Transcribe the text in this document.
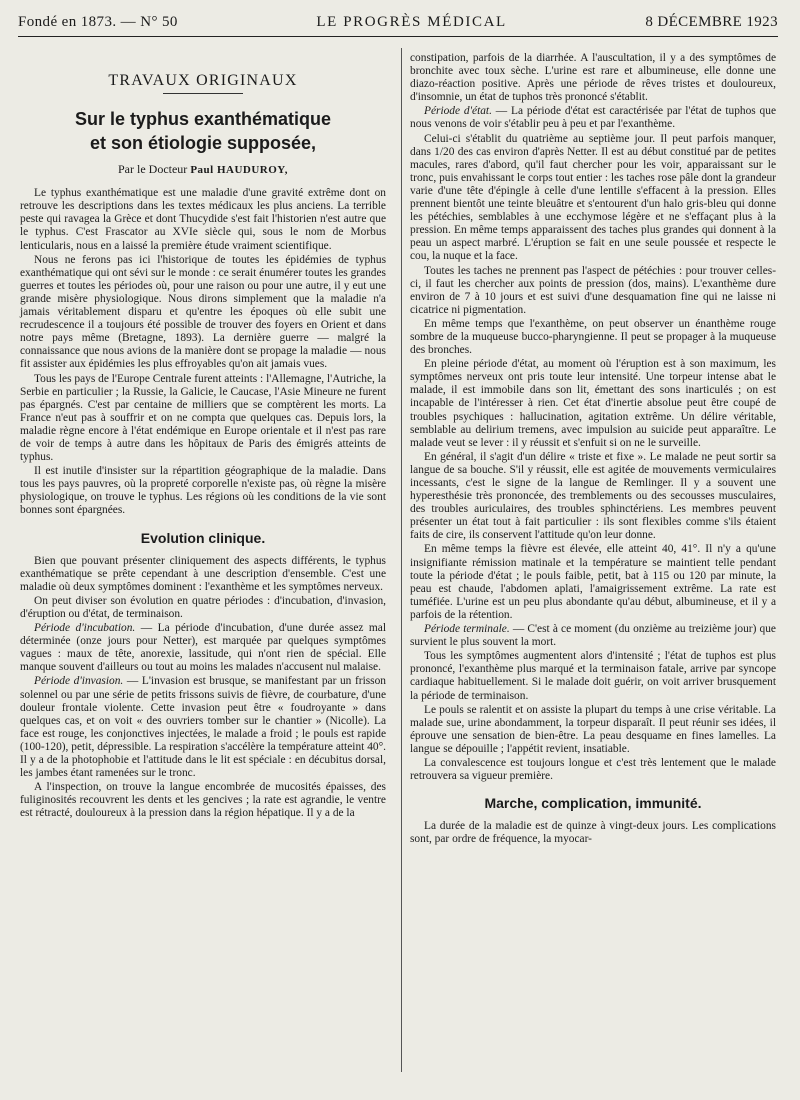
Fondé en 1873. — N° 50	LE PROGRÈS MÉDICAL	8 DÉCEMBRE 1923
TRAVAUX ORIGINAUX

Sur le typhus exanthématique

et son étiologie supposée,

Par le Docteur Paul HAUDUROY,

Le typhus exanthématique est une maladie d'une gravité extrême dont on retrouve les descriptions dans les textes médicaux les plus anciens. La terrible peste qui ravagea la Grèce et dont Thucydide s'est fait l'historien n'est autre que le typhus. C'est Frascator au XVIe siècle qui, sous le nom de Morbus lenticularis, nous en a laissé la première étude vraiment scientifique.

Nous ne ferons pas ici l'historique de toutes les épidémies de typhus exanthématique qui ont sévi sur le monde : ce serait énumérer toutes les grandes guerres et toutes les périodes où, pour une raison ou pour une autre, il y eut une grande misère physiologique. Nous dirons simplement que la maladie n'a jamais véritablement disparu et qu'entre les époques où elle subit une recrudescence il a toujours été possible de trouver des foyers en Orient et dans notre pays même (Bretagne, 1893). La dernière guerre — malgré la connaissance que nous avions de la manière dont se propage la maladie — nous fit assister aux épidémies les plus effroyables qu'on ait jamais vues.

Tous les pays de l'Europe Centrale furent atteints : l'Allemagne, l'Autriche, la Serbie en particulier ; la Russie, la Galicie, le Caucase, l'Asie Mineure ne furent pas épargnés. C'est par centaine de milliers que se comptèrent les morts. La France n'eut pas à souffrir et on ne compta que quelques cas. Depuis lors, la maladie règne encore à l'état endémique en Europe orientale et il n'est pas rare de voir de temps à autre dans les hôpitaux de Paris des émigrés atteints de typhus.

Il est inutile d'insister sur la répartition géographique de la maladie. Dans tous les pays pauvres, où la propreté corporelle n'existe pas, où règne la misère physiologique, on trouve le typhus. Les régions où les conditions de la vie sont bonnes sont épargnées.

Evolution clinique.

Bien que pouvant présenter cliniquement des aspects différents, le typhus exanthématique se prête cependant à une description d'ensemble. C'est une maladie où deux symptômes dominent : l'exanthème et les symptômes nerveux.

On peut diviser son évolution en quatre périodes : d'incubation, d'invasion, d'éruption ou d'état, de terminaison.

Période d'incubation. — La période d'incubation, d'une durée assez mal déterminée (onze jours pour Netter), est marquée par quelques symptômes vagues : maux de tête, anorexie, lassitude, qui n'ont rien de spécial. Elle manque souvent d'ailleurs ou tout au moins les malades n'accusent nul malaise.

Période d'invasion. — L'invasion est brusque, se manifestant par un frisson solennel ou par une série de petits frissons suivis de fièvre, de courbature, d'une douleur frontale violente. Cette invasion peut être « foudroyante » dans quelques cas, et on voit « des ouvriers tomber sur le chantier » (Nicolle). La face est rouge, les conjonctives injectées, le malade a froid ; le pouls est rapide (100-120), petit, dépressible. La respiration s'accélère la température atteint 40°. Il y a de la photophobie et l'attitude dans le lit est spéciale : en décubitus dorsal, les jambes étant ramenées sur le tronc.

A l'inspection, on trouve la langue encombrée de mucosités épaisses, des fuliginosités recouvrent les dents et les gencives ; la rate est agrandie, le ventre est rétracté, douloureux à la pression dans la région hépatique. Il y a de la

constipation, parfois de la diarrhée. A l'auscultation, il y a des symptômes de bronchite avec toux sèche. L'urine est rare et albumineuse, elle donne une diazo-réaction positive. Après une période de rêves tristes et douloureux, d'insomnie, un état de tuphos très prononcé s'établit.

Période d'état. — La période d'état est caractérisée par l'état de tuphos que nous venons de voir s'établir peu à peu et par l'exanthème.

Celui-ci s'établit du quatrième au septième jour. Il peut parfois manquer, dans 1/20 des cas environ d'après Netter. Il est au début constitué par de petites macules, rares d'abord, qu'il faut chercher pour les voir, apparaissant sur le tronc, puis envahissant le corps tout entier : les taches rose pâle dont la grandeur varie d'une tête d'épingle à celle d'une lentille s'effacent à la pression. Elles prennent bientôt une teinte bleuâtre et s'entourent d'un halo gris-bleu qui donne les pétéchies, semblables à une ecchymose légère et ne s'effaçant plus à la pression. En même temps apparaissent des taches plus grandes qui donnent à la peau un aspect marbré. L'éruption se fait en une seule poussée et respecte le cou, la nuque et la face.

Toutes les taches ne prennent pas l'aspect de pétéchies : pour trouver celles-ci, il faut les chercher aux points de pression (dos, mains). L'exanthème dure environ de 7 à 10 jours et est suivi d'une desquamation fine qui ne laisse ni cicatrice ni pigmentation.

En même temps que l'exanthème, on peut observer un énanthème rouge sombre de la muqueuse bucco-pharyngienne. Il peut se propager à la muqueuse des bronches.

En pleine période d'état, au moment où l'éruption est à son maximum, les symptômes nerveux ont pris toute leur intensité. Une torpeur intense abat le malade, il est immobile dans son lit, émettant des sons inarticulés ; on est incapable de l'intéresser à rien. Cet état d'inertie absolue peut être coupé de troubles psychiques : hallucination, agitation extrême. Un délire véritable, semblable au delirium tremens, avec impulsion au suicide peut apparaître. Le malade veut se lever : il y réussit et s'enfuit si on ne le surveille.

En général, il s'agit d'un délire « triste et fixe ». Le malade ne peut sortir sa langue de sa bouche. S'il y réussit, elle est agitée de mouvements vermiculaires incessants, c'est le signe de la langue de Remlinger. Il y a souvent une hyperesthésie très prononcée, des tremblements ou des secousses musculaires, des troubles auriculaires, des troubles sphinctériens. Les membres peuvent présenter un état tout à fait particulier : ils sont flexibles comme s'ils étaient faits de cire, ils conservent l'attitude qu'on leur donne.

En même temps la fièvre est élevée, elle atteint 40, 41°. Il n'y a qu'une insignifiante rémission matinale et la température se maintient telle pendant toute la période d'état ; le pouls faible, petit, bat à 115 ou 120 par minute, la peau est chaude, l'abdomen aplati, l'amaigrissement extrême. La rate est tuméfiée. L'urine est un peu plus abondante qu'au début, albumineuse, et il y a parfois de la rétention.

Période terminale. — C'est à ce moment (du onzième au treizième jour) que survient le plus souvent la mort.

Tous les symptômes augmentent alors d'intensité ; l'état de tuphos est plus prononcé, l'exanthème plus marqué et la terminaison fatale, arrive par syncope cardiaque habituellement. Si le malade doit guérir, on voit arriver brusquement la période de terminaison.

Le pouls se ralentit et on assiste la plupart du temps à une crise véritable. La malade sue, urine abondamment, la torpeur disparaît. Il peut réunir ses idées, il éprouve une sensation de bien-être. La peau desquame en fines lamelles. La langue se dépouille ; l'appétit revient, insatiable.

La convalescence est toujours longue et c'est très lentement que le malade retrouvera sa vigueur première.

Marche, complication, immunité.

La durée de la maladie est de quinze à vingt-deux jours. Les complications sont, par ordre de fréquence, la myocar-
